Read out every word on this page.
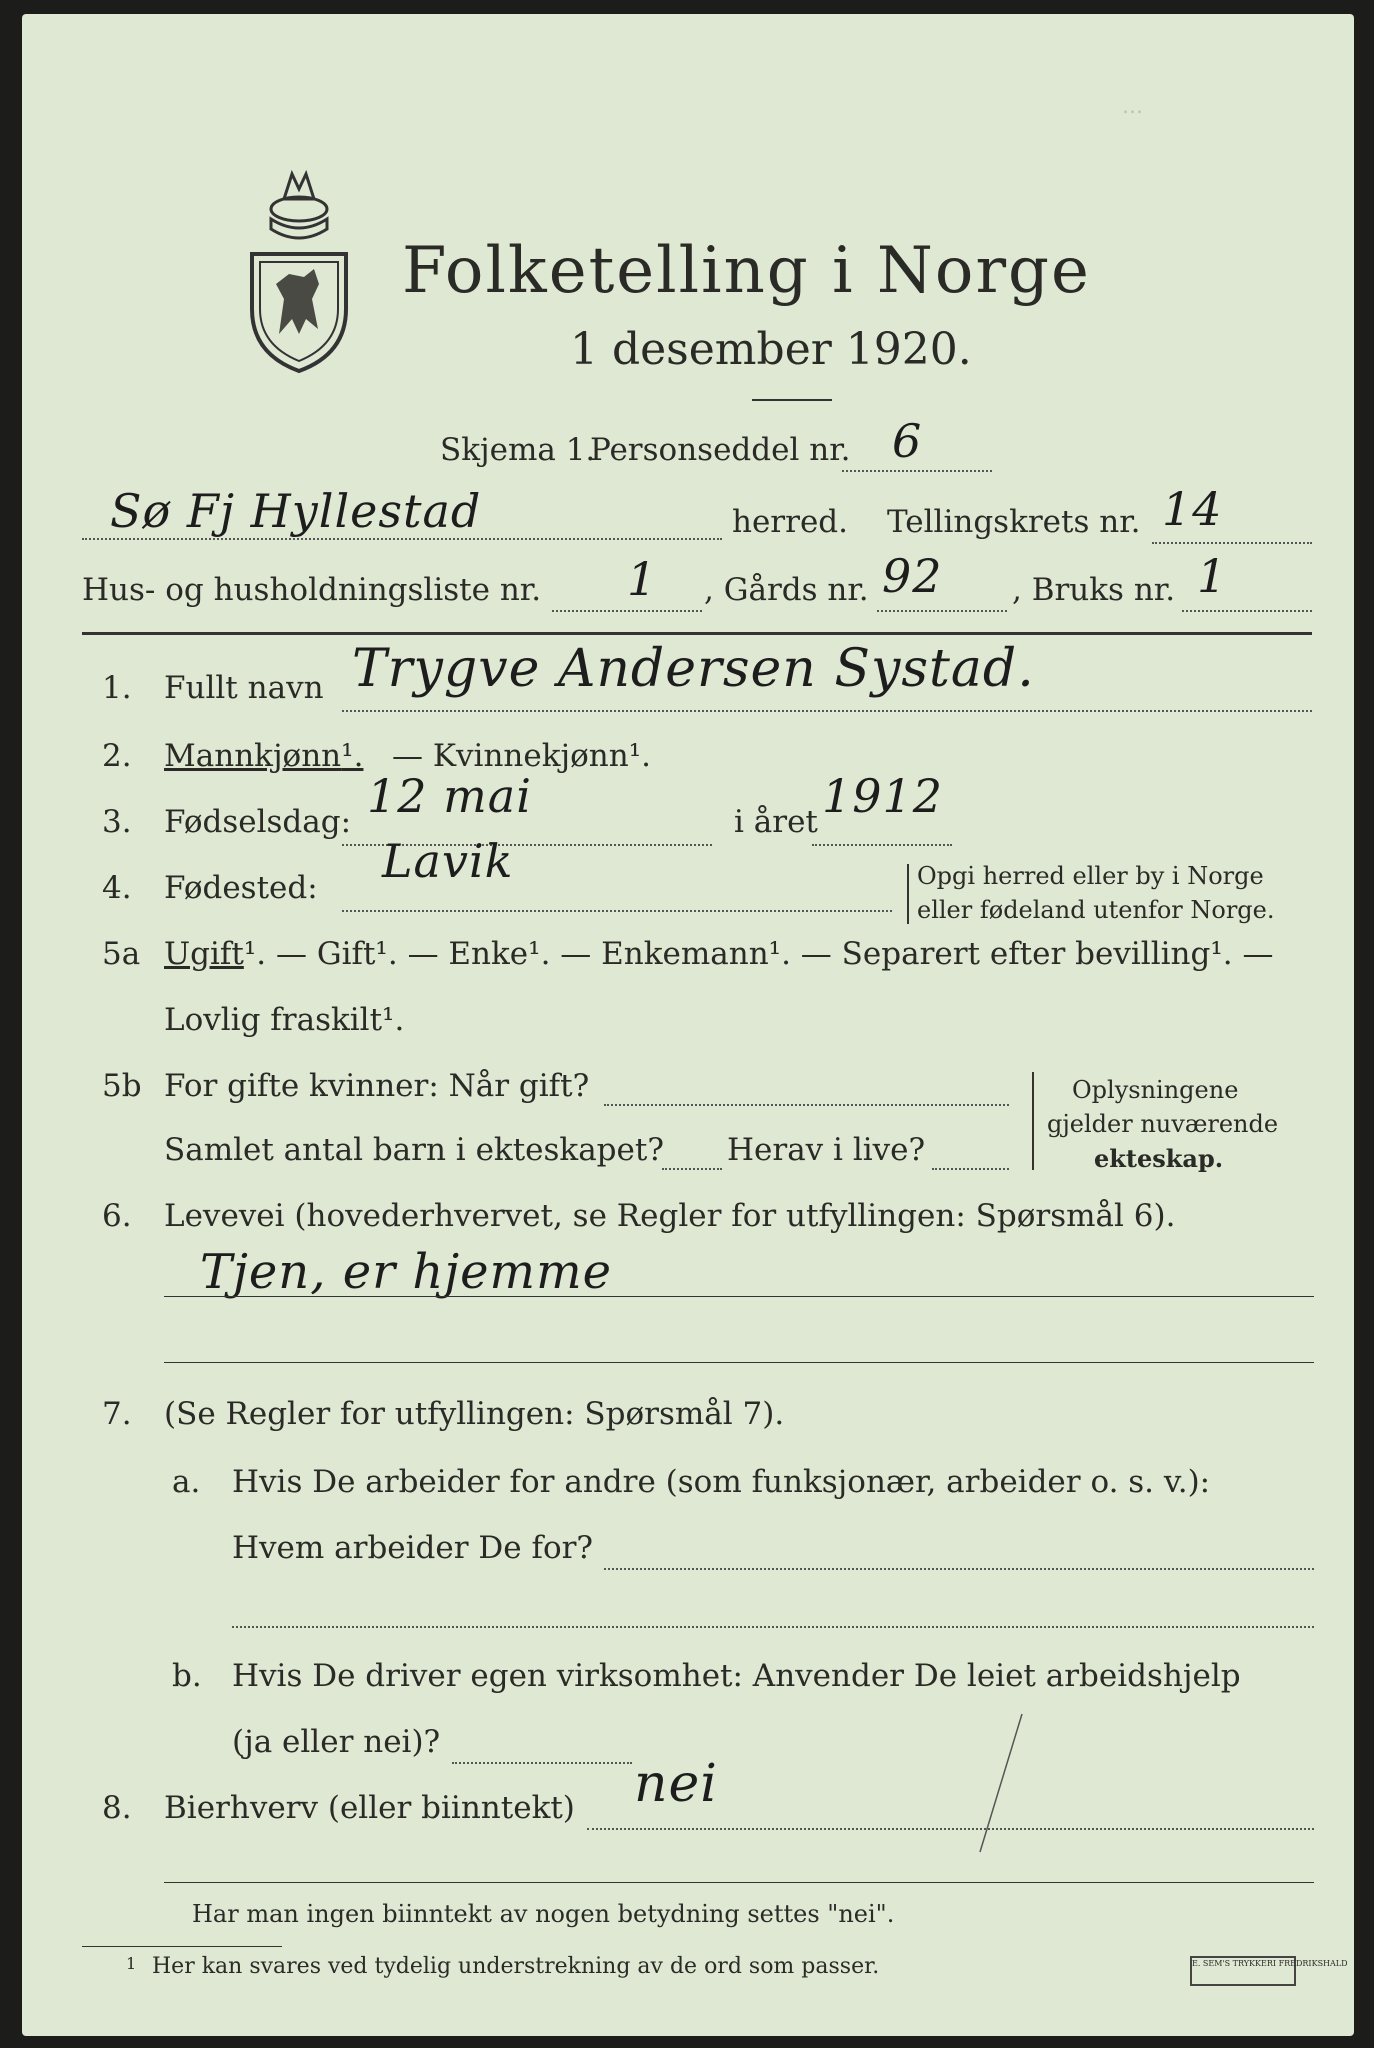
...
Folketelling i Norge
1 desember 1920.
Skjema 1.
Personseddel nr. 6
Sø Fj Hyllestad	herred. Tellingskrets nr. 14
Hus- og husholdningsliste nr. 1 , Gårds nr. 92 , Bruks nr. 1
1. Fullt navn Trygve Andersen Systad.
2. Mannkjønn¹. — Kvinnekjønn¹.
3. Fødselsdag: 12 mai	i året 1912
4. Fødested: Lavik	Opgi herred eller by i Norge
eller fødeland utenfor Norge.
5a Ugift¹. — Gift¹. — Enke¹. — Enkemann¹. — Separert efter bevilling¹. —
Lovlig fraskilt¹.
5b For gifte kvinner: Når gift?
Samlet antal barn i ekteskapet? Herav i live?
Oplysningene
gjelder nuværende
ekteskap.
6. Levevei (hovederhvervet, se Regler for utfyllingen: Spørsmål 6).
Tjen, er hjemme
7. (Se Regler for utfyllingen: Spørsmål 7).
a. Hvis De arbeider for andre (som funksjonær, arbeider o. s. v.):
Hvem arbeider De for?
b. Hvis De driver egen virksomhet: Anvender De leiet arbeidshjelp
(ja eller nei)?
8. Bierhverv (eller biinntekt) nei
Har man ingen biinntekt av nogen betydning settes "nei".
1 Her kan svares ved tydelig understrekning av de ord som passer.	E. SEM'S TRYKKERI FREDRIKSHALD
